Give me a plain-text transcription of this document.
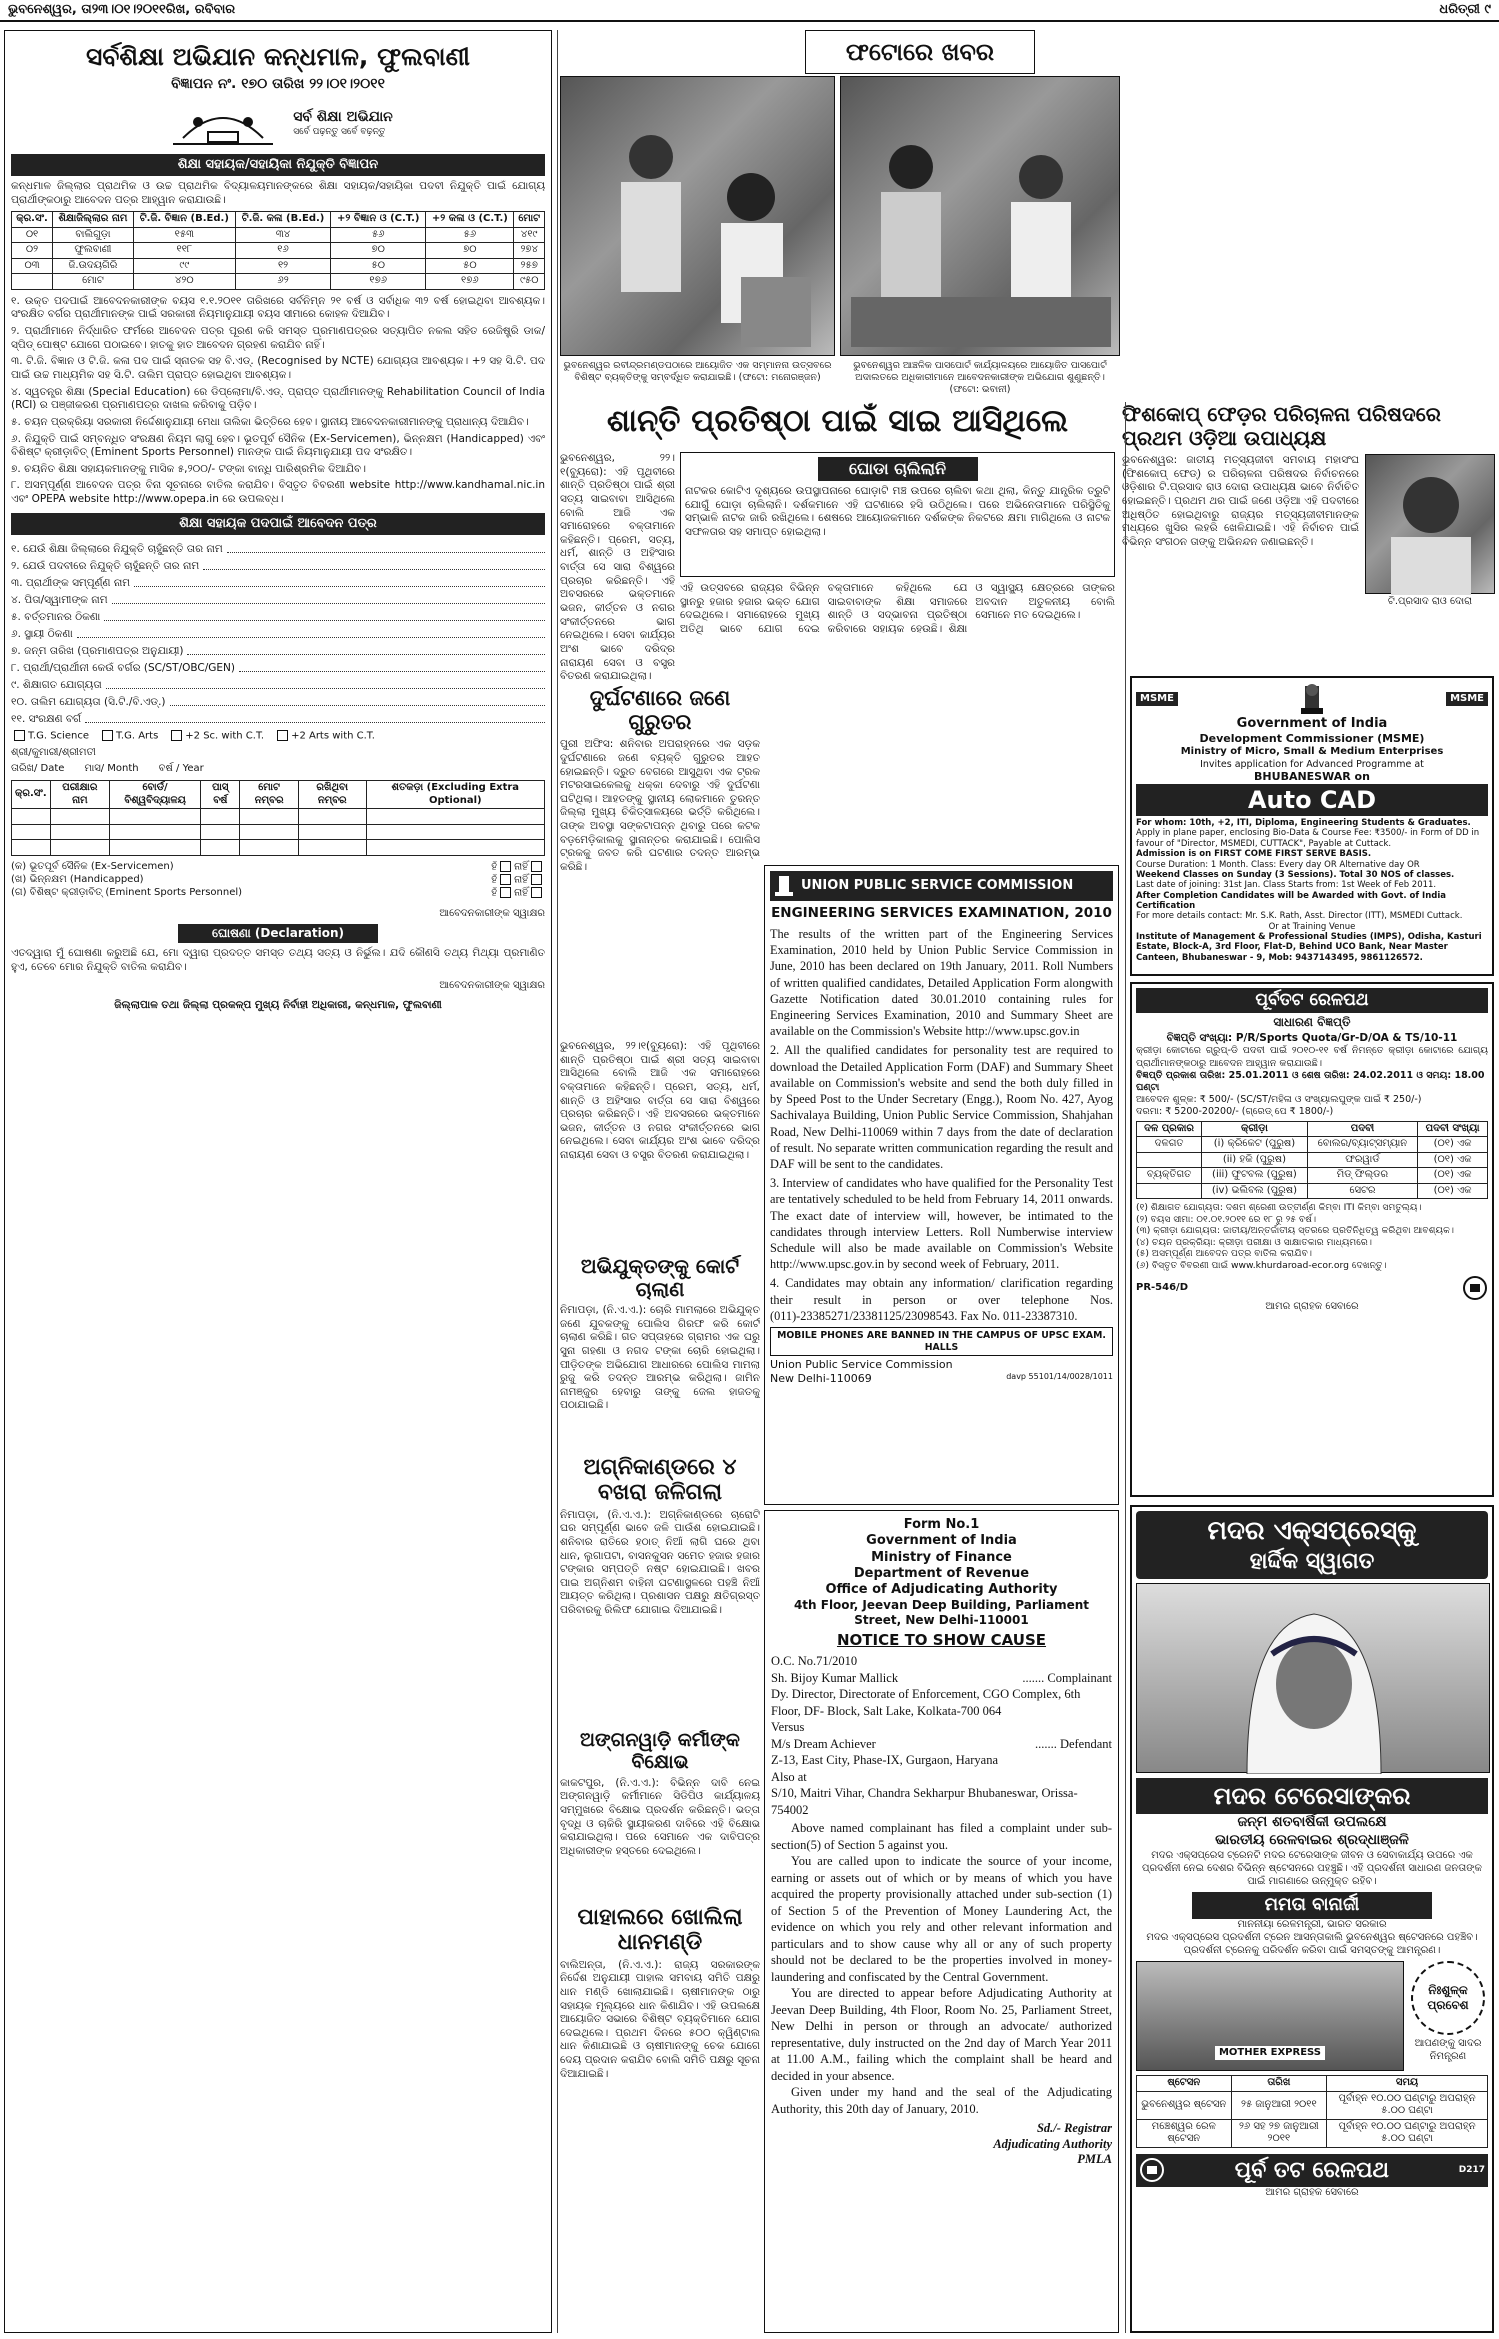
ଭୁବନେଶ୍ୱର, ତା୨୩।୦୧।୨୦୧୧ରିଖ, ରବିବାର	ଧରିତ୍ରୀ ୯
ସର୍ବଶିକ୍ଷା ଅଭିଯାନ କନ୍ଧମାଳ, ଫୁଲବାଣୀ
ବିଜ୍ଞାପନ ନଂ. ୧୭୦ ତାରିଖ ୨୨।୦୧।୨୦୧୧
ସର୍ବ ଶିକ୍ଷା ଅଭିଯାନ
ସର୍ବେ ପଢ଼ନ୍ତୁ ସର୍ବେ ବଢ଼ନ୍ତୁ
ଶିକ୍ଷା ସହାୟକ/ସହାୟିକା ନିଯୁକ୍ତି ବିଜ୍ଞାପନ
କନ୍ଧମାଳ ଜିଲ୍ଲାର ପ୍ରାଥମିକ ଓ ଉଚ୍ଚ ପ୍ରାଥମିକ ବିଦ୍ୟାଳୟମାନଙ୍କରେ ଶିକ୍ଷା ସହାୟକ/ସହାୟିକା ପଦବୀ ନିଯୁକ୍ତି ପାଇଁ ଯୋଗ୍ୟ ପ୍ରାର୍ଥୀଙ୍କଠାରୁ ଆବେଦନ ପତ୍ର ଆହ୍ୱାନ କରାଯାଉଛି।
କ୍ର.ସଂ.	ଶିକ୍ଷାଜିଲ୍ଲାର ନାମ	ଟି.ଜି. ବିଜ୍ଞାନ (B.Ed.)	ଟି.ଜି. କଳା (B.Ed.)	+୨ ବିଜ୍ଞାନ ଓ (C.T.)	+୨ କଳା ଓ (C.T.)	ମୋଟ
୦୧	ବାଲିଗୁଡ଼ା	୧୫୩	୩୪	୫୬	୫୬	୪୧୯
୦୨	ଫୁଲବାଣୀ	୧୧୮	୧୬	୭୦	୭୦	୨୭୪
୦୩	ଜି.ଉଦୟଗିରି	୯୯	୧୨	୫୦	୫୦	୨୫୭
	ମୋଟ	୪୨୦	୬୨	୧୭୬	୧୭୬	୯୫୦

୧. ଉକ୍ତ ପଦପାଇଁ ଆବେଦନକାରୀଙ୍କ ବୟସ ୧.୧.୨୦୧୧ ତାରିଖରେ ସର୍ବନିମ୍ନ ୨୧ ବର୍ଷ ଓ ସର୍ବାଧିକ ୩୨ ବର୍ଷ ହୋଇଥିବା ଆବଶ୍ୟକ। ସଂରକ୍ଷିତ ବର୍ଗର ପ୍ରାର୍ଥୀମାନଙ୍କ ପାଇଁ ସରକାରୀ ନିୟମାନୁଯାୟୀ ବୟସ ସୀମାରେ କୋହଳ ଦିଆଯିବ।

୨. ପ୍ରାର୍ଥୀମାନେ ନିର୍ଦ୍ଧାରିତ ଫର୍ମରେ ଆବେଦନ ପତ୍ର ପୂରଣ କରି ସମସ୍ତ ପ୍ରମାଣପତ୍ରର ସତ୍ୟାପିତ ନକଲ ସହିତ ରେଜିଷ୍ଟ୍ରି ଡାକ/ସ୍ପିଡ୍ ପୋଷ୍ଟ ଯୋଗେ ପଠାଇବେ। ହାତକୁ ହାତ ଆବେଦନ ଗ୍ରହଣ କରାଯିବ ନାହିଁ।

୩. ଟି.ଜି. ବିଜ୍ଞାନ ଓ ଟି.ଜି. କଳା ପଦ ପାଇଁ ସ୍ନାତକ ସହ ବି.ଏଡ୍. (Recognised by NCTE) ଯୋଗ୍ୟତା ଆବଶ୍ୟକ। +୨ ସହ ସି.ଟି. ପଦ ପାଇଁ ଉଚ୍ଚ ମାଧ୍ୟମିକ ସହ ସି.ଟି. ତାଲିମ ପ୍ରାପ୍ତ ହୋଇଥିବା ଆବଶ୍ୟକ।

୪. ସ୍ୱତନ୍ତ୍ର ଶିକ୍ଷା (Special Education) ରେ ଡିପ୍ଲୋମା/ବି.ଏଡ୍. ପ୍ରାପ୍ତ ପ୍ରାର୍ଥୀମାନଙ୍କୁ Rehabilitation Council of India (RCI) ର ପଞ୍ଜୀକରଣ ପ୍ରମାଣପତ୍ର ଦାଖଲ କରିବାକୁ ପଡ଼ିବ।

୫. ଚୟନ ପ୍ରକ୍ରିୟା ସରକାରୀ ନିର୍ଦ୍ଦେଶାନୁଯାୟୀ ମେଧା ତାଲିକା ଭିତ୍ତିରେ ହେବ। ସ୍ଥାନୀୟ ଆବେଦନକାରୀମାନଙ୍କୁ ପ୍ରାଧାନ୍ୟ ଦିଆଯିବ।

୬. ନିଯୁକ୍ତି ପାଇଁ ସମ୍ବନ୍ଧିତ ସଂରକ୍ଷଣ ନିୟମ ଲାଗୁ ହେବ। ଭୂତପୂର୍ବ ସୈନିକ (Ex-Servicemen), ଭିନ୍ନକ୍ଷମ (Handicapped) ଏବଂ ବିଶିଷ୍ଟ କ୍ରୀଡ଼ାବିତ୍ (Eminent Sports Personnel) ମାନଙ୍କ ପାଇଁ ନିୟମାନୁଯାୟୀ ପଦ ସଂରକ୍ଷିତ।

୭. ଚୟନିତ ଶିକ୍ଷା ସହାୟକମାନଙ୍କୁ ମାସିକ ୫,୨୦୦/- ଟଙ୍କା ବାନ୍ଧି ପାରିଶ୍ରମିକ ଦିଆଯିବ।

୮. ଅସମ୍ପୂର୍ଣ୍ଣ ଆବେଦନ ପତ୍ର ବିନା ସୂଚନାରେ ବାତିଲ କରାଯିବ। ବିସ୍ତୃତ ବିବରଣୀ website http://www.kandhamal.nic.in ଏବଂ OPEPA website http://www.opepa.in ରେ ଉପଲବ୍ଧ।

ଶିକ୍ଷା ସହାୟକ ପଦପାଇଁ ଆବେଦନ ପତ୍ର
୧. ଯେଉଁ ଶିକ୍ଷା ଜିଲ୍ଲାରେ ନିଯୁକ୍ତି ଚାହୁଁଛନ୍ତି ତାର ନାମ
୨. ଯେଉଁ ପଦବୀରେ ନିଯୁକ୍ତି ଚାହୁଁଛନ୍ତି ତାର ନାମ
୩. ପ୍ରାର୍ଥୀଙ୍କ ସମ୍ପୂର୍ଣ୍ଣ ନାମ
୪. ପିତା/ସ୍ୱାମୀଙ୍କ ନାମ
୫. ବର୍ତ୍ତମାନର ଠିକଣା
୬. ସ୍ଥାୟୀ ଠିକଣା
୭. ଜନ୍ମ ତାରିଖ (ପ୍ରମାଣପତ୍ର ଅନୁଯାୟୀ)
୮. ପ୍ରାର୍ଥୀ/ପ୍ରାର୍ଥୀନୀ କେଉଁ ବର୍ଗର (SC/ST/OBC/GEN)
୯. ଶିକ୍ଷାଗତ ଯୋଗ୍ୟତା
୧୦. ତାଲିମ ଯୋଗ୍ୟତା (ସି.ଟି./ବି.ଏଡ୍.)
୧୧. ସଂରକ୍ଷଣ ବର୍ଗ
T.G. Science	T.G. Arts	+2 Sc. with C.T.	+2 Arts with C.T.
ଶ୍ରୀ/କୁମାରୀ/ଶ୍ରୀମତୀ
ତାରିଖ/ Date ମାସ/ Month ବର୍ଷ / Year
କ୍ର.ସଂ.	ପରୀକ୍ଷାର ନାମ	ବୋର୍ଡ/ବିଶ୍ୱବିଦ୍ୟାଳୟ	ପାସ୍ ବର୍ଷ	ମୋଟ ନମ୍ବର	ରଖିଥିବା ନମ୍ବର	ଶତକଡ଼ା (Excluding Extra Optional)

(କ) ଭୂତପୂର୍ବ ସୈନିକ (Ex-Servicemen)	ହଁ ନାହିଁ
(ଖ) ଭିନ୍ନକ୍ଷମ (Handicapped)	ହଁ ନାହିଁ
(ଗ) ବିଶିଷ୍ଟ କ୍ରୀଡ଼ାବିତ୍ (Eminent Sports Personnel)	ହଁ ନାହିଁ
ଆବେଦନକାରୀଙ୍କ ସ୍ୱାକ୍ଷର
ଘୋଷଣା (Declaration)
ଏତଦ୍ୱାରା ମୁଁ ଘୋଷଣା କରୁଅଛି ଯେ, ମୋ ଦ୍ୱାରା ପ୍ରଦତ୍ତ ସମସ୍ତ ତଥ୍ୟ ସତ୍ୟ ଓ ନିର୍ଭୁଲ। ଯଦି କୌଣସି ତଥ୍ୟ ମିଥ୍ୟା ପ୍ରମାଣିତ ହୁଏ, ତେବେ ମୋର ନିଯୁକ୍ତି ବାତିଲ କରାଯିବ।
ଆବେଦନକାରୀଙ୍କ ସ୍ୱାକ୍ଷର
ଜିଲ୍ଲାପାଳ ତଥା ଜିଲ୍ଲା ପ୍ରକଳ୍ପ ମୁଖ୍ୟ ନିର୍ବାହୀ ଅଧିକାରୀ, କନ୍ଧମାଳ, ଫୁଲବାଣୀ
ଫଟୋରେ ଖବର
ଭୁବନେଶ୍ୱର ରବୀନ୍ଦ୍ରମଣ୍ଡପଠାରେ ଆୟୋଜିତ ଏକ ସମ୍ମାନନା ଉତ୍ସବରେ ବିଶିଷ୍ଟ ବ୍ୟକ୍ତିଙ୍କୁ ସମ୍ବର୍ଦ୍ଧିତ କରାଯାଇଛି। (ଫଟୋ: ମନୋରଞ୍ଜନ)
ଭୁବନେଶ୍ୱର ଆଞ୍ଚଳିକ ପାସପୋର୍ଟ କାର୍ଯ୍ୟାଳୟରେ ଆୟୋଜିତ ପାସପୋର୍ଟ ଅଦାଲତରେ ଅଧିକାରୀମାନେ ଆବେଦନକାରୀଙ୍କ ଅଭିଯୋଗ ଶୁଣୁଛନ୍ତି। (ଫଟୋ: ଭବାନୀ)
ଶାନ୍ତି ପ୍ରତିଷ୍ଠା ପାଇଁ ସାଇ ଆସିଥିଲେ
ଭୁବନେଶ୍ୱର, ୨୨।୧(ବ୍ୟୁରୋ): ଏହି ପୃଥିବୀରେ ଶାନ୍ତି ପ୍ରତିଷ୍ଠା ପାଇଁ ଶ୍ରୀ ସତ୍ୟ ସାଇବାବା ଆସିଥିଲେ ବୋଲି ଆଜି ଏକ ସମାରୋହରେ ବକ୍ତାମାନେ କହିଛନ୍ତି। ପ୍ରେମ, ସତ୍ୟ, ଧର୍ମ, ଶାନ୍ତି ଓ ଅହିଂସାର ବାର୍ତ୍ତା ସେ ସାରା ବିଶ୍ୱରେ ପ୍ରଚାର କରିଛନ୍ତି। ଏହି ଅବସରରେ ଭକ୍ତମାନେ ଭଜନ, କୀର୍ତ୍ତନ ଓ ନଗର ସଂକୀର୍ତ୍ତନରେ ଭାଗ ନେଇଥିଲେ। ସେବା କାର୍ଯ୍ୟର ଅଂଶ ଭାବେ ଦରିଦ୍ର ନାରାୟଣ ସେବା ଓ ବସ୍ତ୍ର ବିତରଣ କରାଯାଇଥିଲା।
ଘୋଡା ଚାଲିଲାନି
ନାଟକର କୋଟିଏ ଦୃଶ୍ୟରେ ଉପସ୍ଥାପନାରେ ଘୋଡ଼ାଟି ମଞ୍ଚ ଉପରେ ଚାଲିବା କଥା ଥିଲା, କିନ୍ତୁ ଯାନ୍ତ୍ରିକ ତ୍ରୁଟି ଯୋଗୁଁ ଘୋଡ଼ା ଚାଲିଲାନି। ଦର୍ଶକମାନେ ଏହି ଘଟଣାରେ ହସି ଉଠିଥିଲେ। ପରେ ଅଭିନେତାମାନେ ପରିସ୍ଥିତିକୁ ସମ୍ଭାଳି ନାଟକ ଜାରି ରଖିଥିଲେ। ଶେଷରେ ଆୟୋଜକମାନେ ଦର୍ଶକଙ୍କ ନିକଟରେ କ୍ଷମା ମାଗିଥିଲେ ଓ ନାଟକ ସଫଳତାର ସହ ସମାପ୍ତ ହୋଇଥିଲା।
ଏହି ଉତ୍ସବରେ ରାଜ୍ୟର ବିଭିନ୍ନ ସ୍ଥାନରୁ ହଜାର ହଜାର ଭକ୍ତ ଯୋଗ ଦେଇଥିଲେ। ସମାରୋହରେ ମୁଖ୍ୟ ଅତିଥି ଭାବେ ଯୋଗ ଦେଇ ବକ୍ତାମାନେ କହିଥିଲେ ଯେ ସାଇବାବାଙ୍କ ଶିକ୍ଷା ସମାଜରେ ଶାନ୍ତି ଓ ସଦ୍ଭାବନା ପ୍ରତିଷ୍ଠା କରିବାରେ ସହାୟକ ହେଉଛି। ଶିକ୍ଷା ଓ ସ୍ୱାସ୍ଥ୍ୟ କ୍ଷେତ୍ରରେ ତାଙ୍କର ଅବଦାନ ଅତୁଳନୀୟ ବୋଲି ସେମାନେ ମତ ଦେଇଥିଲେ।
ଫିଶକୋପ୍ ଫେଡ଼ର ପରିଚାଳନା ପରିଷଦରେ ପ୍ରଥମ ଓଡ଼ିଆ ଉପାଧ୍ୟକ୍ଷ
ଭୁବନେଶ୍ୱର: ଜାତୀୟ ମତ୍ସ୍ୟଜୀବୀ ସମବାୟ ମହାସଂଘ (ଫିଶକୋପ୍ ଫେଡ୍) ର ପରିଚାଳନା ପରିଷଦର ନିର୍ବାଚନରେ ଓଡ଼ିଶାର ଟି.ପ୍ରସାଦ ରାଓ ଦୋରା ଉପାଧ୍ୟକ୍ଷ ଭାବେ ନିର୍ବାଚିତ ହୋଇଛନ୍ତି। ପ୍ରଥମ ଥର ପାଇଁ ଜଣେ ଓଡ଼ିଆ ଏହି ପଦବୀରେ ଅଧିଷ୍ଠିତ ହୋଇଥିବାରୁ ରାଜ୍ୟର ମତ୍ସ୍ୟଜୀବୀମାନଙ୍କ ମଧ୍ୟରେ ଖୁସିର ଲହରି ଖେଳିଯାଇଛି। ଏହି ନିର୍ବାଚନ ପାଇଁ ବିଭିନ୍ନ ସଂଗଠନ ତାଙ୍କୁ ଅଭିନନ୍ଦନ ଜଣାଇଛନ୍ତି।
ଟି.ପ୍ରସାଦ ରାଓ ଦୋରା
MSME	MSME
Government of India
Development Commissioner (MSME)
Ministry of Micro, Small & Medium Enterprises
Invites application for Advanced Programme at
BHUBANESWAR on
Auto CAD
For whom: 10th, +2, ITI, Diploma, Engineering Students & Graduates.
Apply in plane paper, enclosing Bio-Data & Course Fee: ₹3500/- in Form of DD in favour of "Director, MSMEDI, CUTTACK", Payable at Cuttack.
Admission is on FIRST COME FIRST SERVE BASIS.
Course Duration: 1 Month. Class: Every day OR Alternative day OR
Weekend Classes on Sunday (3 Sessions). Total 30 NOS of classes.
Last date of joining: 31st Jan. Class Starts from: 1st Week of Feb 2011.
After Completion Candidates will be Awarded with Govt. of India Certification
For more details contact: Mr. S.K. Rath, Asst. Director (ITT), MSMEDI Cuttack.
Or at Training Venue
Institute of Management & Professional Studies (IMPS), Odisha, Kasturi Estate, Block-A, 3rd Floor, Flat-D, Behind UCO Bank, Near Master Canteen, Bhubaneswar - 9, Mob: 9437143495, 9861126572.
ଦୁର୍ଘଟଣାରେ ଜଣେ ଗୁରୁତର
ପୁରୀ ଅଫିସ: ଶନିବାର ଅପରାହ୍ନରେ ଏକ ସଡ଼କ ଦୁର୍ଘଟଣାରେ ଜଣେ ବ୍ୟକ୍ତି ଗୁରୁତର ଆହତ ହୋଇଛନ୍ତି। ଦ୍ରୁତ ବେଗରେ ଆସୁଥିବା ଏକ ଟ୍ରକ ମଟରସାଇକେଲକୁ ଧକ୍କା ଦେବାରୁ ଏହି ଦୁର୍ଘଟଣା ଘଟିଥିଲା। ଆହତଙ୍କୁ ସ୍ଥାନୀୟ ଲୋକମାନେ ତୁରନ୍ତ ଜିଲ୍ଲା ମୁଖ୍ୟ ଚିକିତ୍ସାଳୟରେ ଭର୍ତ୍ତି କରିଥିଲେ। ତାଙ୍କ ଅବସ୍ଥା ସଙ୍କଟାପନ୍ନ ଥିବାରୁ ପରେ କଟକ ବଡ଼ମେଡ଼ିକାଲକୁ ସ୍ଥାନାନ୍ତର କରାଯାଇଛି। ପୋଲିସ ଟ୍ରକକୁ ଜବତ କରି ଘଟଣାର ତଦନ୍ତ ଆରମ୍ଭ କରିଛି।
ଭୁବନେଶ୍ୱର, ୨୨।୧(ବ୍ୟୁରୋ): ଏହି ପୃଥିବୀରେ ଶାନ୍ତି ପ୍ରତିଷ୍ଠା ପାଇଁ ଶ୍ରୀ ସତ୍ୟ ସାଇବାବା ଆସିଥିଲେ ବୋଲି ଆଜି ଏକ ସମାରୋହରେ ବକ୍ତାମାନେ କହିଛନ୍ତି। ପ୍ରେମ, ସତ୍ୟ, ଧର୍ମ, ଶାନ୍ତି ଓ ଅହିଂସାର ବାର୍ତ୍ତା ସେ ସାରା ବିଶ୍ୱରେ ପ୍ରଚାର କରିଛନ୍ତି। ଏହି ଅବସରରେ ଭକ୍ତମାନେ ଭଜନ, କୀର୍ତ୍ତନ ଓ ନଗର ସଂକୀର୍ତ୍ତନରେ ଭାଗ ନେଇଥିଲେ। ସେବା କାର୍ଯ୍ୟର ଅଂଶ ଭାବେ ଦରିଦ୍ର ନାରାୟଣ ସେବା ଓ ବସ୍ତ୍ର ବିତରଣ କରାଯାଇଥିଲା।
ଅଭିଯୁକ୍ତଙ୍କୁ କୋର୍ଟ ଚାଲାଣ
ନିମାପଡ଼ା, (ନି.ଏ.ଏ.): ଚୋରି ମାମଲାରେ ଅଭିଯୁକ୍ତ ଜଣେ ଯୁବକଙ୍କୁ ପୋଲିସ ଗିରଫ କରି କୋର୍ଟ ଚାଲାଣ କରିଛି। ଗତ ସପ୍ତାହରେ ଗ୍ରାମର ଏକ ଘରୁ ସୁନା ଗହଣା ଓ ନଗଦ ଟଙ୍କା ଚୋରି ହୋଇଥିଲା। ପୀଡ଼ିତଙ୍କ ଅଭିଯୋଗ ଆଧାରରେ ପୋଲିସ ମାମଲା ରୁଜୁ କରି ତଦନ୍ତ ଆରମ୍ଭ କରିଥିଲା। ଜାମିନ ନାମଞ୍ଜୁର ହେବାରୁ ତାଙ୍କୁ ଜେଲ ହାଜତକୁ ପଠାଯାଇଛି।
ଅଗ୍ନିକାଣ୍ଡରେ ୪ ବଖରା ଜଳିଗଲା
ନିମାପଡ଼ା, (ନି.ଏ.ଏ.): ଅଗ୍ନିକାଣ୍ଡରେ ଚାରୋଟି ଘର ସମ୍ପୂର୍ଣ୍ଣ ଭାବେ ଜଳି ପାଉଁଶ ହୋଇଯାଇଛି। ଶନିବାର ରାତିରେ ହଠାତ୍ ନିଆଁ ଲାଗି ଘରେ ଥିବା ଧାନ, ଲୁଗାପଟା, ବାସନକୁସନ ସମେତ ହଜାର ହଜାର ଟଙ୍କାର ସମ୍ପତ୍ତି ନଷ୍ଟ ହୋଇଯାଇଛି। ଖବର ପାଇ ଅଗ୍ନିଶମ ବାହିନୀ ଘଟଣାସ୍ଥଳରେ ପହଞ୍ଚି ନିଆଁ ଆୟତ୍ତ କରିଥିଲା। ପ୍ରଶାସନ ପକ୍ଷରୁ କ୍ଷତିଗ୍ରସ୍ତ ପରିବାରକୁ ରିଲିଫ ଯୋଗାଇ ଦିଆଯାଇଛି।
ଅଙ୍ଗନୱାଡ଼ି କର୍ମୀଙ୍କ ବିକ୍ଷୋଭ
କାକଟପୁର, (ନି.ଏ.ଏ.): ବିଭିନ୍ନ ଦାବି ନେଇ ଅଙ୍ଗନୱାଡ଼ି କର୍ମୀମାନେ ସିଡିପିଓ କାର୍ଯ୍ୟାଳୟ ସମ୍ମୁଖରେ ବିକ୍ଷୋଭ ପ୍ରଦର୍ଶନ କରିଛନ୍ତି। ଭତ୍ତା ବୃଦ୍ଧି ଓ ଚାକିରି ସ୍ଥାୟୀକରଣ ଦାବିରେ ଏହି ବିକ୍ଷୋଭ କରାଯାଇଥିଲା। ପରେ ସେମାନେ ଏକ ଦାବିପତ୍ର ଅଧିକାରୀଙ୍କ ହସ୍ତରେ ଦେଇଥିଲେ।
ପାହାଲରେ ଖୋଲିଲା ଧାନମଣ୍ଡି
ବାଲିଅନ୍ତା, (ନି.ଏ.ଏ.): ରାଜ୍ୟ ସରକାରଙ୍କ ନିର୍ଦ୍ଦେଶ ଅନୁଯାୟୀ ପାହାଲ ସମବାୟ ସମିତି ପକ୍ଷରୁ ଧାନ ମଣ୍ଡି ଖୋଲାଯାଇଛି। ଚାଷୀମାନଙ୍କ ଠାରୁ ସହାୟକ ମୂଲ୍ୟରେ ଧାନ କିଣାଯିବ। ଏହି ଉପଲକ୍ଷେ ଆୟୋଜିତ ସଭାରେ ବିଶିଷ୍ଟ ବ୍ୟକ୍ତିମାନେ ଯୋଗ ଦେଇଥିଲେ। ପ୍ରଥମ ଦିନରେ ୫୦୦ କ୍ୱିଣ୍ଟାଲ ଧାନ କିଣାଯାଇଛି ଓ ଚାଷୀମାନଙ୍କୁ ଚେକ ଯୋଗେ ଦେୟ ପ୍ରଦାନ କରାଯିବ ବୋଲି ସମିତି ପକ୍ଷରୁ ସୂଚନା ଦିଆଯାଇଛି।
UNION PUBLIC SERVICE COMMISSION
ENGINEERING SERVICES EXAMINATION, 2010
The results of the written part of the Engineering Services Examination, 2010 held by Union Public Service Commission in June, 2010 has been declared on 19th January, 2011. Roll Numbers of written qualified candidates, Detailed Application Form alongwith Gazette Notification dated 30.01.2010 containing rules for Engineering Services Examination, 2010 and Summary Sheet are available on the Commission's Website http://www.upsc.gov.in
2. All the qualified candidates for personality test are required to download the Detailed Application Form (DAF) and Summary Sheet available on Commission's website and send the both duly filled in by Speed Post to the Under Secretary (Engg.), Room No. 427, Ayog Sachivalaya Building, Union Public Service Commission, Shahjahan Road, New Delhi-110069 within 7 days from the date of declaration of result. No separate written communication regarding the result and DAF will be sent to the candidates.
3. Interview of candidates who have qualified for the Personality Test are tentatively scheduled to be held from February 14, 2011 onwards. The exact date of interview will, however, be intimated to the candidates through interview Letters. Roll Numberwise interview Schedule will also be made available on Commission's Website http://www.upsc.gov.in by second week of February, 2011.
4. Candidates may obtain any information/ clarification regarding their result in person or over telephone Nos. (011)-23385271/23381125/23098543. Fax No. 011-23387310.
MOBILE PHONES ARE BANNED IN THE CAMPUS OF UPSC EXAM. HALLS
Union Public Service Commission
New Delhi-110069	davp 55101/14/0028/1011
Form No.1
Government of India
Ministry of Finance
Department of Revenue
Office of Adjudicating Authority
4th Floor, Jeevan Deep Building, Parliament Street, New Delhi-110001
NOTICE TO SHOW CAUSE
O.C. No.71/2010
Sh. Bijoy Kumar Mallick	....... Complainant
Dy. Director, Directorate of Enforcement, CGO Complex, 6th Floor, DF- Block, Salt Lake, Kolkata-700 064
Versus
M/s Dream Achiever	....... Defendant
Z-13, East City, Phase-IX, Gurgaon, Haryana
Also at
S/10, Maitri Vihar, Chandra Sekharpur Bhubaneswar, Orissa-754002
Above named complainant has filed a complaint under sub-section(5) of Section 5 against you.
You are called upon to indicate the source of your income, earning or assets out of which or by means of which you have acquired the property provisionally attached under sub-section (1) of Section 5 of the Prevention of Money Laundering Act, the evidence on which you rely and other relevant information and particulars and to show cause why all or any of such property should not be declared to be the properties involved in money-laundering and confiscated by the Central Government.
You are directed to appear before Adjudicating Authority at Jeevan Deep Building, 4th Floor, Room No. 25, Parliament Street, New Delhi in person or through an advocate/ authorized representative, duly instructed on the 2nd day of March Year 2011 at 11.00 A.M., failing which the complaint shall be heard and decided in your absence.
Given under my hand and the seal of the Adjudicating Authority, this 20th day of January, 2010.
Sd./- Registrar
Adjudicating Authority
PMLA
ପୂର୍ବତଟ ରେଳପଥ
ସାଧାରଣ ବିଜ୍ଞପ୍ତି
ବିଜ୍ଞପ୍ତି ସଂଖ୍ୟା: P/R/Sports Quota/Gr-D/OA & TS/10-11
କ୍ରୀଡ଼ା କୋଟାରେ ଗ୍ରୁପ୍-ଡି ପଦବୀ ପାଇଁ ୨୦୧୦-୧୧ ବର୍ଷ ନିମନ୍ତେ କ୍ରୀଡ଼ା କୋଟାରେ ଯୋଗ୍ୟ ପ୍ରାର୍ଥୀମାନଙ୍କଠାରୁ ଆବେଦନ ଆହ୍ୱାନ କରାଯାଉଛି।
ବିଜ୍ଞପ୍ତି ପ୍ରକାଶ ତାରିଖ: 25.01.2011 ଓ ଶେଷ ତାରିଖ: 24.02.2011 ଓ ସମୟ: 18.00 ଘଣ୍ଟା
ଆବେଦନ ଶୁଳ୍କ: ₹ 500/- (SC/ST/ମହିଳା ଓ ସଂଖ୍ୟାଲଘୁଙ୍କ ପାଇଁ ₹ 250/-)
ଦରମା: ₹ 5200-20200/- (ଗ୍ରେଡ୍ ପେ ₹ 1800/-)
ଦଳ ପ୍ରକାର	କ୍ରୀଡ଼ା	ପଦବୀ	ପଦବୀ ସଂଖ୍ୟା
ଦଳଗତ	(i) କ୍ରିକେଟ (ପୁରୁଷ)	ବୋଲର/ବ୍ୟାଟ୍ସମ୍ୟାନ	(୦୧) ଏକ
	(ii) ହକି (ପୁରୁଷ)	ଫରୱାର୍ଡ	(୦୧) ଏକ
ବ୍ୟକ୍ତିଗତ	(iii) ଫୁଟବଲ (ପୁରୁଷ)	ମିଡ୍ ଫିଲ୍ଡର	(୦୧) ଏକ
	(iv) ଭଲିବଲ (ପୁରୁଷ)	ସେଟର	(୦୧) ଏକ
(୧) ଶିକ୍ଷାଗତ ଯୋଗ୍ୟତା: ଦଶମ ଶ୍ରେଣୀ ଉତ୍ତୀର୍ଣ୍ଣ କିମ୍ବା ITI କିମ୍ବା ସମତୁଲ୍ୟ।
(୨) ବୟସ ସୀମା: ୦୧.୦୧.୨୦୧୧ ରେ ୧୮ ରୁ ୨୫ ବର୍ଷ।
(୩) କ୍ରୀଡ଼ା ଯୋଗ୍ୟତା: ଜାତୀୟ/ଅନ୍ତର୍ଜାତୀୟ ସ୍ତରରେ ପ୍ରତିନିଧିତ୍ୱ କରିଥିବା ଆବଶ୍ୟକ।
(୪) ଚୟନ ପ୍ରକ୍ରିୟା: କ୍ରୀଡ଼ା ପରୀକ୍ଷା ଓ ସାକ୍ଷାତକାର ମାଧ୍ୟମରେ।
(୫) ଅସମ୍ପୂର୍ଣ୍ଣ ଆବେଦନ ପତ୍ର ବାତିଲ କରାଯିବ।
(୬) ବିସ୍ତୃତ ବିବରଣୀ ପାଇଁ www.khurdaroad-ecor.org ଦେଖନ୍ତୁ।
PR-546/D
ଆମର ଗ୍ରାହକ ସେବାରେ
ମଦର ଏକ୍ସପ୍ରେସ୍‌କୁ
ହାର୍ଦ୍ଦିକ ସ୍ୱାଗତ
ମଦର ଟେରେସାଙ୍କର
ଜନ୍ମ ଶତବାର୍ଷିକୀ ଉପଲକ୍ଷେ
ଭାରତୀୟ ରେଳବାଇର ଶ୍ରଦ୍ଧାଞ୍ଜଳି
ମଦର ଏକ୍ସପ୍ରେସ ଟ୍ରେନଟି ମଦର ଟେରେସାଙ୍କ ଜୀବନ ଓ ସେବାକାର୍ଯ୍ୟ ଉପରେ ଏକ ପ୍ରଦର୍ଶନୀ ନେଇ ଦେଶର ବିଭିନ୍ନ ଷ୍ଟେସନରେ ପହଞ୍ଚୁଛି। ଏହି ପ୍ରଦର୍ଶନୀ ସାଧାରଣ ଜନତାଙ୍କ ପାଇଁ ମାଗଣାରେ ଉନ୍ମୁକ୍ତ ରହିବ।
ମମତା ବାନାର୍ଜୀ
ମାନନୀୟା ରେଳମନ୍ତ୍ରୀ, ଭାରତ ସରକାର
ମଦର ଏକ୍ସପ୍ରେସ ପ୍ରଦର୍ଶନୀ ଟ୍ରେନ ଆସନ୍ତାକାଲି ଭୁବନେଶ୍ୱର ଷ୍ଟେସନରେ ପହଞ୍ଚିବ। ପ୍ରଦର୍ଶନୀ ଟ୍ରେନକୁ ପରିଦର୍ଶନ କରିବା ପାଇଁ ସମସ୍ତଙ୍କୁ ଆମନ୍ତ୍ରଣ।
MOTHER EXPRESS
ନିଃଶୁଳ୍କ ପ୍ରବେଶ
ଆପଣଙ୍କୁ ସାଦର ନିମନ୍ତ୍ରଣ
ଷ୍ଟେସନ	ତାରିଖ	ସମୟ
ଭୁବନେଶ୍ୱର ଷ୍ଟେସନ	୨୫ ଜାନୁଆରୀ ୨୦୧୧	ପୂର୍ବାହ୍ନ ୧୦.୦୦ ଘଣ୍ଟାରୁ ଅପରାହ୍ନ ୫.୦୦ ଘଣ୍ଟା
ମଞ୍ଚେଶ୍ୱର ରେଳ ଷ୍ଟେସନ	୨୬ ସହ ୨୭ ଜାନୁଆରୀ ୨୦୧୧	ପୂର୍ବାହ୍ନ ୧୦.୦୦ ଘଣ୍ଟାରୁ ଅପରାହ୍ନ ୫.୦୦ ଘଣ୍ଟା
ପୂର୍ବ ତଟ ରେଳପଥ	D217
ଆମର ଗ୍ରାହକ ସେବାରେ
